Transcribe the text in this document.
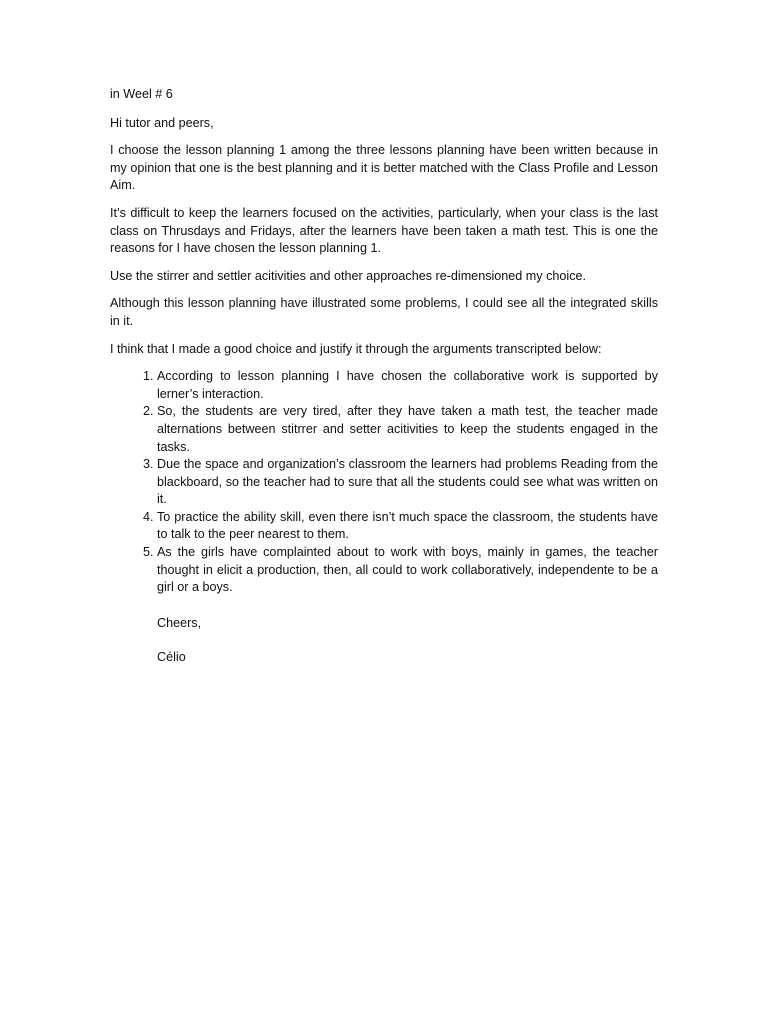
in Weel # 6

Hi tutor and peers,

I choose the lesson planning 1 among the three lessons planning have been written because in my opinion that one is the best planning and it is better matched with the Class Profile and Lesson Aim.

It’s difficult to keep the learners focused on the activities, particularly, when your class is the last class on Thrusdays and Fridays, after the learners have been taken a math test. This is one the reasons for I have chosen the lesson planning 1.

Use the stirrer and settler acitivities and other approaches re-dimensioned my choice.

Although this lesson planning have illustrated some problems, I could see all the integrated skills in it.

I think that I made a good choice and justify it through the arguments transcripted below:

1. According to lesson planning I have chosen the collaborative work is supported by lerner’s interaction.
2. So, the students are very tired, after they have taken a math test, the teacher made alternations between stitrrer and setter acitivities to keep the students engaged in the tasks.
3. Due the space and organization’s classroom the learners had problems Reading from the blackboard, so the teacher had to sure that all the students could see what was written on it.
4. To practice the ability skill, even there isn’t much space the classroom, the students have to talk to the peer nearest to them.
5. As the girls have complainted about to work with boys, mainly in games, the teacher thought in elicit a production, then, all could to work collaboratively, independente to be a girl or a boys.
Cheers,
Célio
